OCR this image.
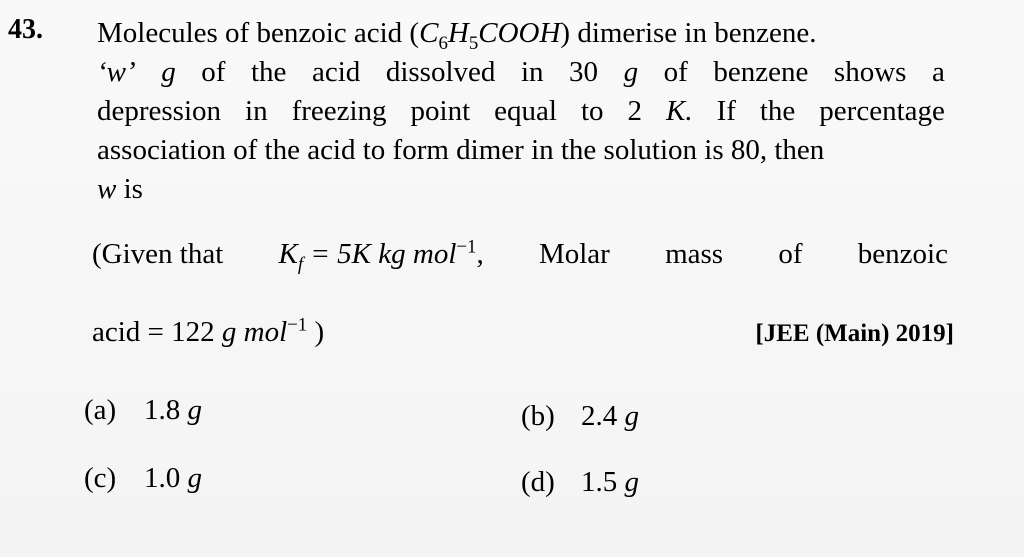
43. Molecules of benzoic acid $(C_6H_5COOH)$ dimerise in benzene.
‘w’ g of the acid dissolved in 30 g of benzene shows a
depression in freezing point equal to 2 K. If the percentage
association of the acid to form dimer in the solution is 80, then
w is
(Given that $K_f = 5K$ kg mol$^{-1}$, Molar mass of benzoic
acid = 122 g mol$^{-1}$ )	[JEE (Main) 2019]
(a) 1.8 g	(b) 2.4 g
(c) 1.0 g	(d) 1.5 g
